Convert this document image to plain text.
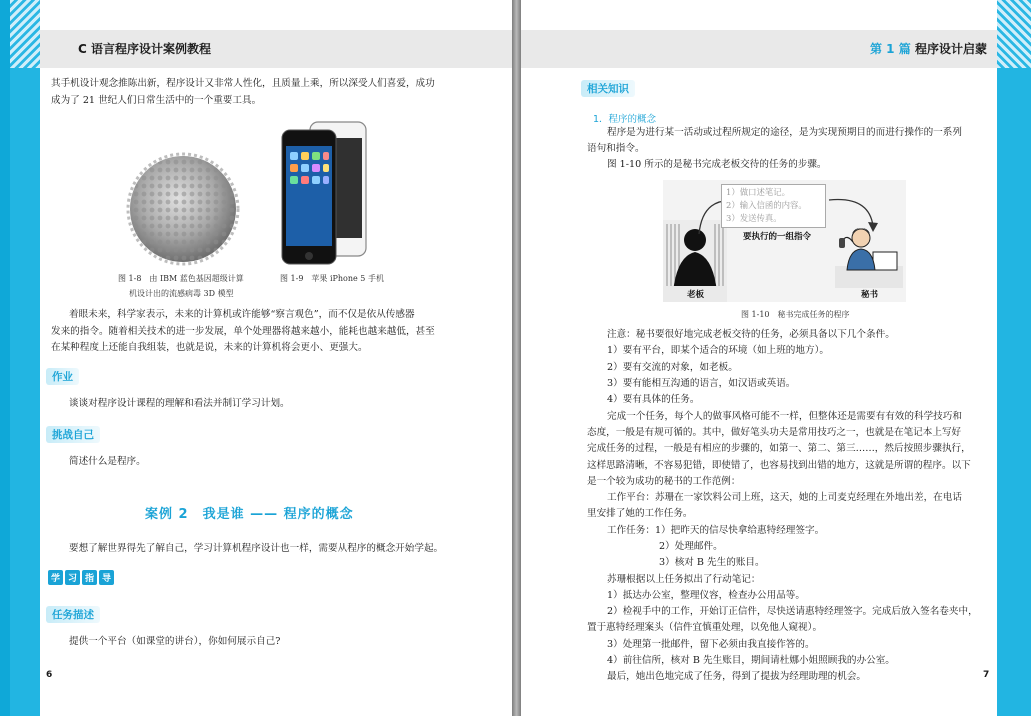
C 语言程序设计案例教程
其手机设计观念推陈出新，程序设计又非常人性化，且质量上乘，所以深受人们喜爱，成功
成为了 21 世纪人们日常生活中的一个重要工具。
图 1-8　由 IBM 蓝色基因超级计算
机设计出的流感病毒 3D 模型
图 1-9　苹果 iPhone 5 手机
着眼未来，科学家表示，未来的计算机或许能够“察言观色”，而不仅是依从传感器
发来的指令。随着相关技术的进一步发展，单个处理器将越来越小，能耗也越来越低，甚至
在某种程度上还能自我组装，也就是说，未来的计算机将会更小、更强大。
作业
谈谈对程序设计课程的理解和看法并制订学习计划。
挑战自己
简述什么是程序。
案例 2　我是谁 —— 程序的概念
要想了解世界得先了解自己，学习计算机程序设计也一样，需要从程序的概念开始学起。
学 习 指 导
任务描述
提供一个平台（如课堂的讲台），你如何展示自己?
6
第 1 篇 程序设计启蒙
相关知识
1．程序的概念
程序是为进行某一活动或过程所规定的途径，是为实现预期目的而进行操作的一系列
语句和指令。
图 1-10 所示的是秘书完成老板交待的任务的步骤。
1）做口述笔记。
2）输入信函的内容。
3）发送传真。
要执行的一组指令
老板	秘书
图 1-10　秘书完成任务的程序
注意：秘书要很好地完成老板交待的任务，必须具备以下几个条件。
1）要有平台，即某个适合的环境（如上班的地方）。
2）要有交流的对象，如老板。
3）要有能相互沟通的语言，如汉语或英语。
4）要有具体的任务。
完成一个任务，每个人的做事风格可能不一样，但整体还是需要有有效的科学技巧和
态度，一般是有规可循的。其中，做好笔头功夫是常用技巧之一，也就是在笔记本上写好
完成任务的过程，一般是有相应的步骤的，如第一、第二、第三……，然后按照步骤执行，
这样思路清晰，不容易犯错，即使错了，也容易找到出错的地方，这就是所谓的程序。以下
是一个较为成功的秘书的工作范例：
工作平台：苏珊在一家饮料公司上班，这天，她的上司麦克经理在外地出差，在电话
里安排了她的工作任务。
工作任务：1）把昨天的信尽快拿给惠特经理签字。
2）处理邮件。
3）核对 B 先生的账目。
苏珊根据以上任务拟出了行动笔记：
1）抵达办公室，整理仪容，检查办公用品等。
2）检视手中的工作，开始订正信件，尽快送请惠特经理签字。完成后放入签名卷夹中，
置于惠特经理案头（信件宜慎重处理，以免他人窥视）。
3）处理第一批邮件，留下必须由我直接作答的。
4）前往信所，核对 B 先生账目，期间请杜娜小姐照顾我的办公室。
最后，她出色地完成了任务，得到了提拔为经理助理的机会。	7
